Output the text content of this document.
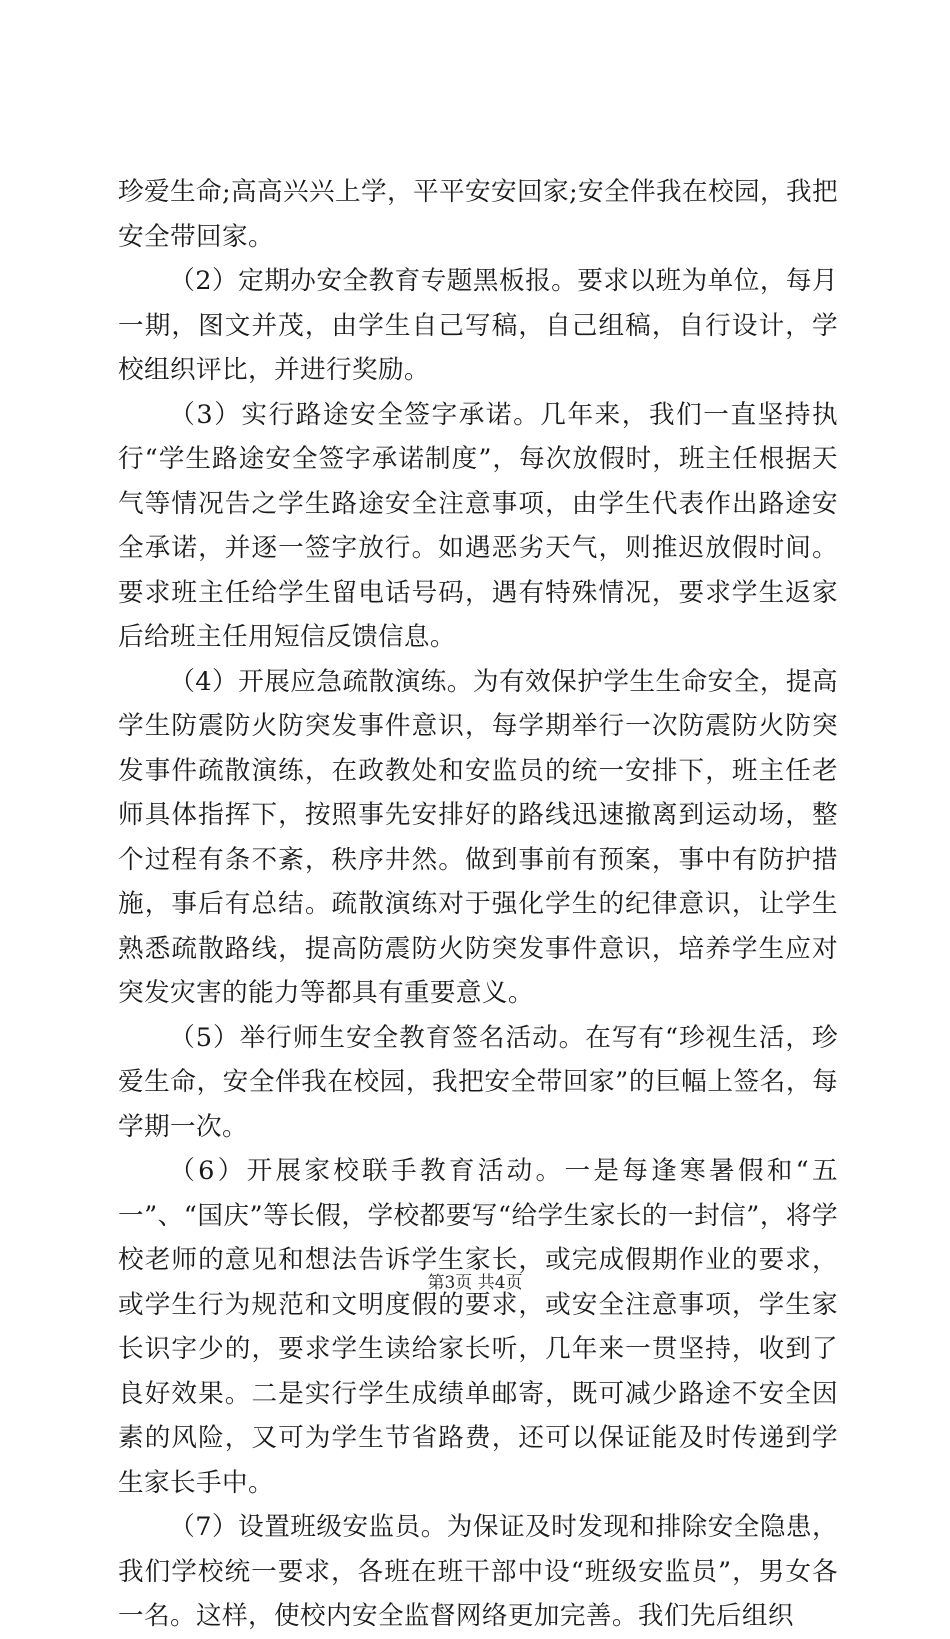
珍爱生命;高高兴兴上学，平平安安回家;安全伴我在校园，我把安全带回家。

（2）定期办安全教育专题黑板报。要求以班为单位，每月一期，图文并茂，由学生自己写稿，自己组稿，自行设计，学校组织评比，并进行奖励。

（3）实行路途安全签字承诺。几年来，我们一直坚持执行“学生路途安全签字承诺制度”，每次放假时，班主任根据天气等情况告之学生路途安全注意事项，由学生代表作出路途安全承诺，并逐一签字放行。如遇恶劣天气，则推迟放假时间。要求班主任给学生留电话号码，遇有特殊情况，要求学生返家后给班主任用短信反馈信息。

（4）开展应急疏散演练。为有效保护学生生命安全，提高学生防震防火防突发事件意识，每学期举行一次防震防火防突发事件疏散演练，在政教处和安监员的统一安排下，班主任老师具体指挥下，按照事先安排好的路线迅速撤离到运动场，整个过程有条不紊，秩序井然。做到事前有预案，事中有防护措施，事后有总结。疏散演练对于强化学生的纪律意识，让学生熟悉疏散路线，提高防震防火防突发事件意识，培养学生应对突发灾害的能力等都具有重要意义。

（5）举行师生安全教育签名活动。在写有“珍视生活，珍爱生命，安全伴我在校园，我把安全带回家”的巨幅上签名，每学期一次。

（6）开展家校联手教育活动。一是每逢寒暑假和“五一”、“国庆”等长假，学校都要写“给学生家长的一封信”，将学校老师的意见和想法告诉学生家长，或完成假期作业的要求，或学生行为规范和文明度假的要求，或安全注意事项，学生家长识字少的，要求学生读给家长听，几年来一贯坚持，收到了良好效果。二是实行学生成绩单邮寄，既可减少路途不安全因素的风险，又可为学生节省路费，还可以保证能及时传递到学生家长手中。

（7）设置班级安监员。为保证及时发现和排除安全隐患，我们学校统一要求，各班在班干部中设“班级安监员”，男女各一名。这样，使校内安全监督网络更加完善。我们先后组织

第3页 共4页
